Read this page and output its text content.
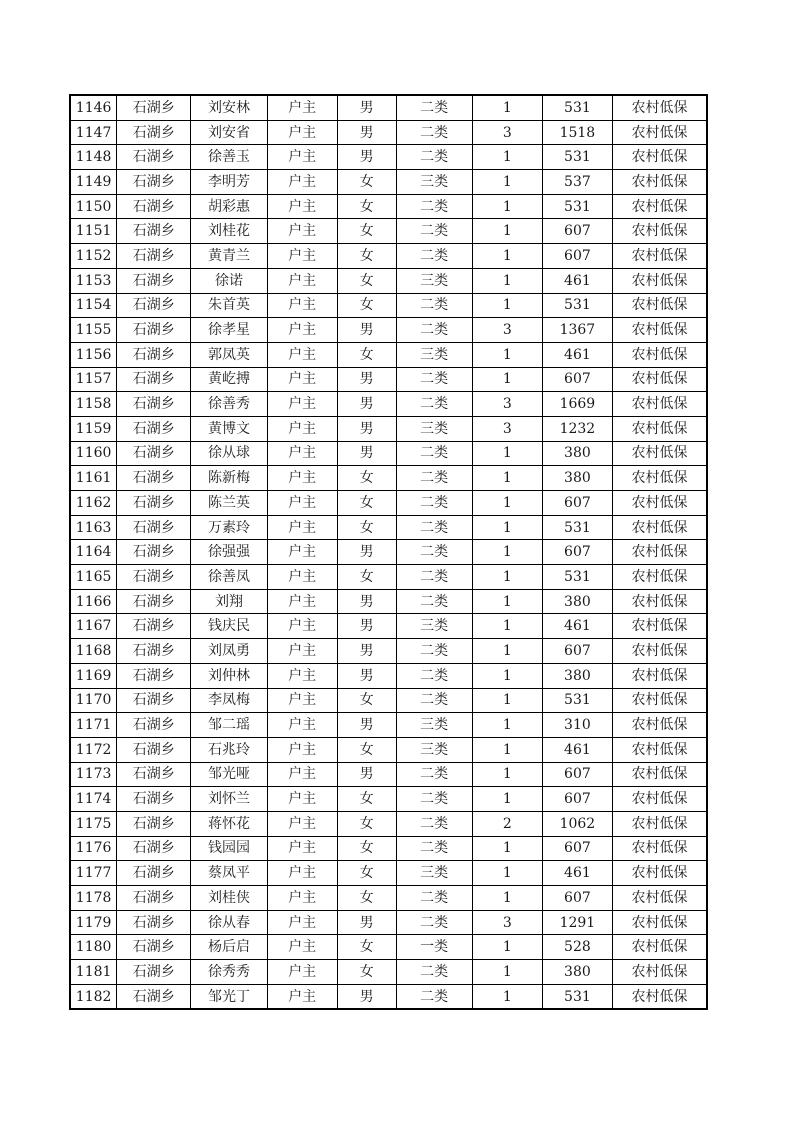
1146	石湖乡	刘安林	户主	男	二类	1	531	农村低保
1147	石湖乡	刘安省	户主	男	二类	3	1518	农村低保
1148	石湖乡	徐善玉	户主	男	二类	1	531	农村低保
1149	石湖乡	李明芳	户主	女	三类	1	537	农村低保
1150	石湖乡	胡彩惠	户主	女	二类	1	531	农村低保
1151	石湖乡	刘桂花	户主	女	二类	1	607	农村低保
1152	石湖乡	黄青兰	户主	女	二类	1	607	农村低保
1153	石湖乡	徐诺	户主	女	三类	1	461	农村低保
1154	石湖乡	朱首英	户主	女	二类	1	531	农村低保
1155	石湖乡	徐孝星	户主	男	二类	3	1367	农村低保
1156	石湖乡	郭凤英	户主	女	三类	1	461	农村低保
1157	石湖乡	黄屹搏	户主	男	二类	1	607	农村低保
1158	石湖乡	徐善秀	户主	男	二类	3	1669	农村低保
1159	石湖乡	黄博文	户主	男	三类	3	1232	农村低保
1160	石湖乡	徐从球	户主	男	二类	1	380	农村低保
1161	石湖乡	陈新梅	户主	女	二类	1	380	农村低保
1162	石湖乡	陈兰英	户主	女	二类	1	607	农村低保
1163	石湖乡	万素玲	户主	女	二类	1	531	农村低保
1164	石湖乡	徐强强	户主	男	二类	1	607	农村低保
1165	石湖乡	徐善凤	户主	女	二类	1	531	农村低保
1166	石湖乡	刘翔	户主	男	二类	1	380	农村低保
1167	石湖乡	钱庆民	户主	男	三类	1	461	农村低保
1168	石湖乡	刘凤勇	户主	男	二类	1	607	农村低保
1169	石湖乡	刘仲林	户主	男	二类	1	380	农村低保
1170	石湖乡	李凤梅	户主	女	二类	1	531	农村低保
1171	石湖乡	邹二瑶	户主	男	三类	1	310	农村低保
1172	石湖乡	石兆玲	户主	女	三类	1	461	农村低保
1173	石湖乡	邹光哑	户主	男	二类	1	607	农村低保
1174	石湖乡	刘怀兰	户主	女	二类	1	607	农村低保
1175	石湖乡	蒋怀花	户主	女	二类	2	1062	农村低保
1176	石湖乡	钱园园	户主	女	二类	1	607	农村低保
1177	石湖乡	蔡凤平	户主	女	三类	1	461	农村低保
1178	石湖乡	刘桂侠	户主	女	二类	1	607	农村低保
1179	石湖乡	徐从春	户主	男	二类	3	1291	农村低保
1180	石湖乡	杨后启	户主	女	一类	1	528	农村低保
1181	石湖乡	徐秀秀	户主	女	二类	1	380	农村低保
1182	石湖乡	邹光丁	户主	男	二类	1	531	农村低保
